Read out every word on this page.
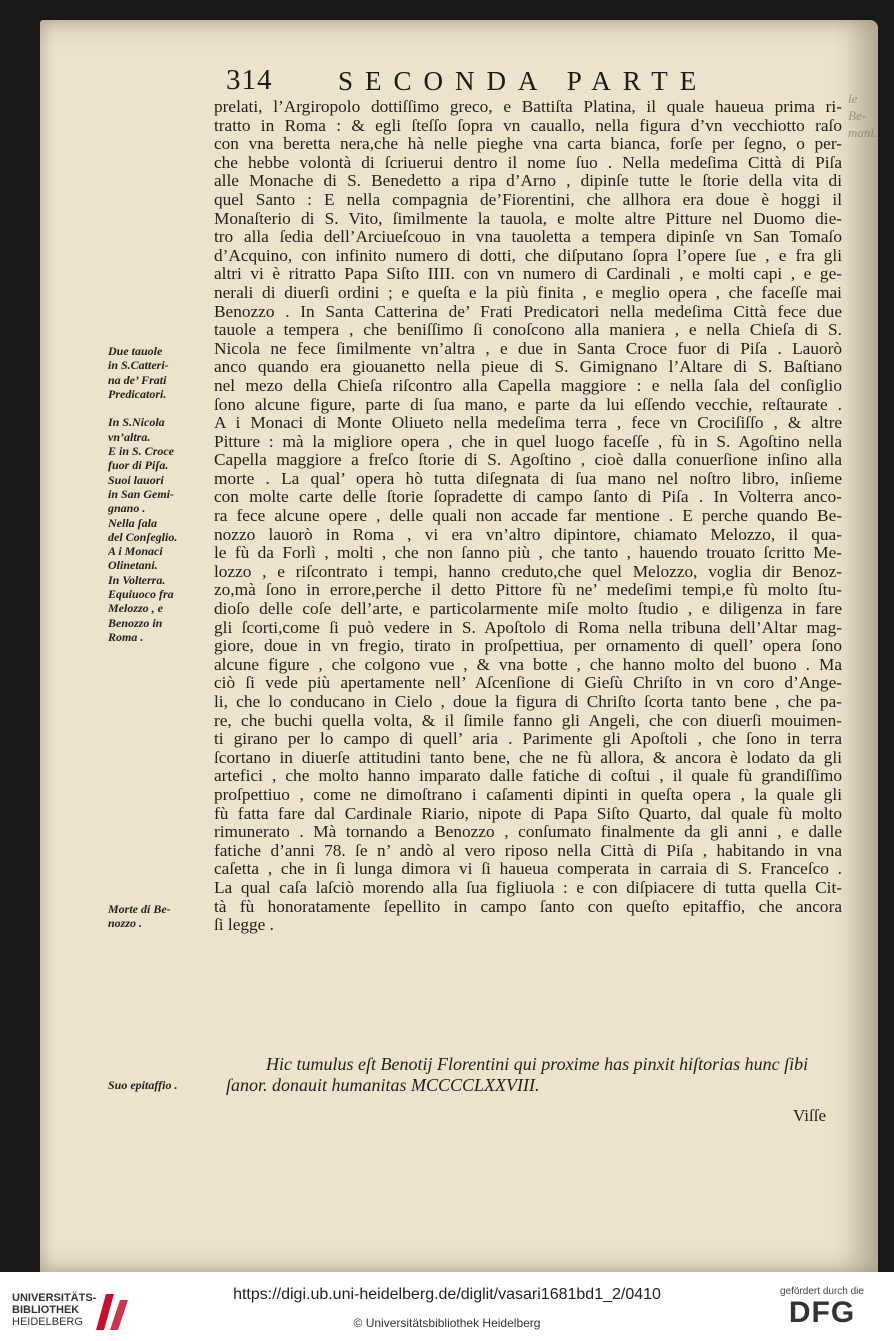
le Be-
mani.
314 SECONDA PARTE
Due tauole
in S.Catteri-
na de’ Frati
Predicatori.
In S.Nicola
vn’altra.
E in S. Croce
fuor di Piſa.
Suoi lauori
in San Gemi-
gnano .
Nella ſala
del Conſeglio.
A i Monaci
Olinetani.
In Volterra.
Equiuoco fra
Melozzo , e
Benozzo in
Roma .
prelati, l’Argiropolo dottiſſimo greco, e Battiſta Platina, il quale haueua prima ri-
tratto in Roma : & egli ſteſſo ſopra vn cauallo, nella figura d’vn vecchiotto raſo
con vna beretta nera,che hà nelle pieghe vna carta bianca, forſe per ſegno, o per-
che hebbe volontà di ſcriuerui dentro il nome ſuo . Nella medeſima Città di Piſa
alle Monache di S. Benedetto a ripa d’Arno , dipinſe tutte le ſtorie della vita di
quel Santo : E nella compagnia de’Fiorentini, che allhora era doue è hoggi il
Monaſterio di S. Vito, ſimilmente la tauola, e molte altre Pitture nel Duomo die-
tro alla ſedia dell’Arciueſcouo in vna tauoletta a tempera dipinſe vn San Tomaſo
d’Acquino, con infinito numero di dotti, che diſputano ſopra l’opere ſue , e fra gli
altri vi è ritratto Papa Siſto IIII. con vn numero di Cardinali , e molti capi , e ge-
nerali di diuerſi ordini ; e queſta e la più finita , e meglio opera , che faceſſe mai
Benozzo . In Santa Catterina de’ Frati Predicatori nella medeſima Città fece due
tauole a tempera , che beniſſimo ſi conoſcono alla maniera , e nella Chieſa di S.
Nicola ne fece ſimilmente vn’altra , e due in Santa Croce fuor di Piſa . Lauorò
anco quando era giouanetto nella pieue di S. Gimignano l’Altare di S. Baſtiano
nel mezo della Chieſa riſcontro alla Capella maggiore : e nella ſala del conſiglio
ſono alcune figure, parte di ſua mano, e parte da lui eſſendo vecchie, reſtaurate .
A i Monaci di Monte Oliueto nella medeſima terra , fece vn Crociſiſſo , & altre
Pitture : mà la migliore opera , che in quel luogo faceſſe , fù in S. Agoſtino nella
Capella maggiore a freſco ſtorie di S. Agoſtino , cioè dalla conuerſione inſino alla
morte . La qual’ opera hò tutta diſegnata di ſua mano nel noſtro libro, inſieme
con molte carte delle ſtorie ſopradette di campo ſanto di Piſa . In Volterra anco-
ra fece alcune opere , delle quali non accade far mentione . E perche quando Be-
nozzo lauorò in Roma , vi era vn’altro dipintore, chiamato Melozzo, il qua-
le fù da Forlì , molti , che non ſanno più , che tanto , hauendo trouato ſcritto Me-
lozzo , e riſcontrato i tempi, hanno creduto,che quel Melozzo, voglia dir Benoz-
zo,mà ſono in errore,perche il detto Pittore fù ne’ medeſimi tempi,e fù molto ſtu-
dioſo delle coſe dell’arte, e particolarmente miſe molto ſtudio , e diligenza in fare
gli ſcorti,come ſi può vedere in S. Apoſtolo di Roma nella tribuna dell’Altar mag-
giore, doue in vn fregio, tirato in proſpettiua, per ornamento di quell’ opera ſono
alcune figure , che colgono vue , & vna botte , che hanno molto del buono . Ma
ciò ſi vede più apertamente nell’ Aſcenſione di Gieſù Chriſto in vn coro d’Ange-
li, che lo conducano in Cielo , doue la figura di Chriſto ſcorta tanto bene , che pa-
re, che buchi quella volta, & il ſimile fanno gli Angeli, che con diuerſi mouimen-
ti girano per lo campo di quell’ aria . Parimente gli Apoſtoli , che ſono in terra
ſcortano in diuerſe attitudini tanto bene, che ne fù allora, & ancora è lodato da gli
artefici , che molto hanno imparato dalle fatiche di coſtui , il quale fù grandiſſimo
proſpettiuo , come ne dimoſtrano i caſamenti dipinti in queſta opera , la quale gli
fù fatta fare dal Cardinale Riario, nipote di Papa Siſto Quarto, dal quale fù molto
rimunerato . Mà tornando a Benozzo , conſumato finalmente da gli anni , e dalle
fatiche d’anni 78. ſe n’ andò al vero riposo nella Città di Piſa , habitando in vna
caſetta , che in ſi lunga dimora vi ſi haueua comperata in carraia di S. Franceſco .
La qual caſa laſciò morendo alla ſua figliuola : e con diſpiacere di tutta quella Cit-
tà fù honoratamente ſepellito in campo ſanto con queſto epitaffio, che ancora
ſi legge .
Morte di Be-
nozzo .
Hic tumulus eſt Benotij Florentini qui proxime has pinxit hiſtorias hunc ſibi
ſanor. donauit humanitas MCCCCLXXVIII.
Suo epitaffio .
Viſſe
UNIVERSITÄTS-
BIBLIOTHEK
HEIDELBERG
https://digi.ub.uni-heidelberg.de/diglit/vasari1681bd1_2/0410
© Universitätsbibliothek Heidelberg
gefördert durch die
DFG
